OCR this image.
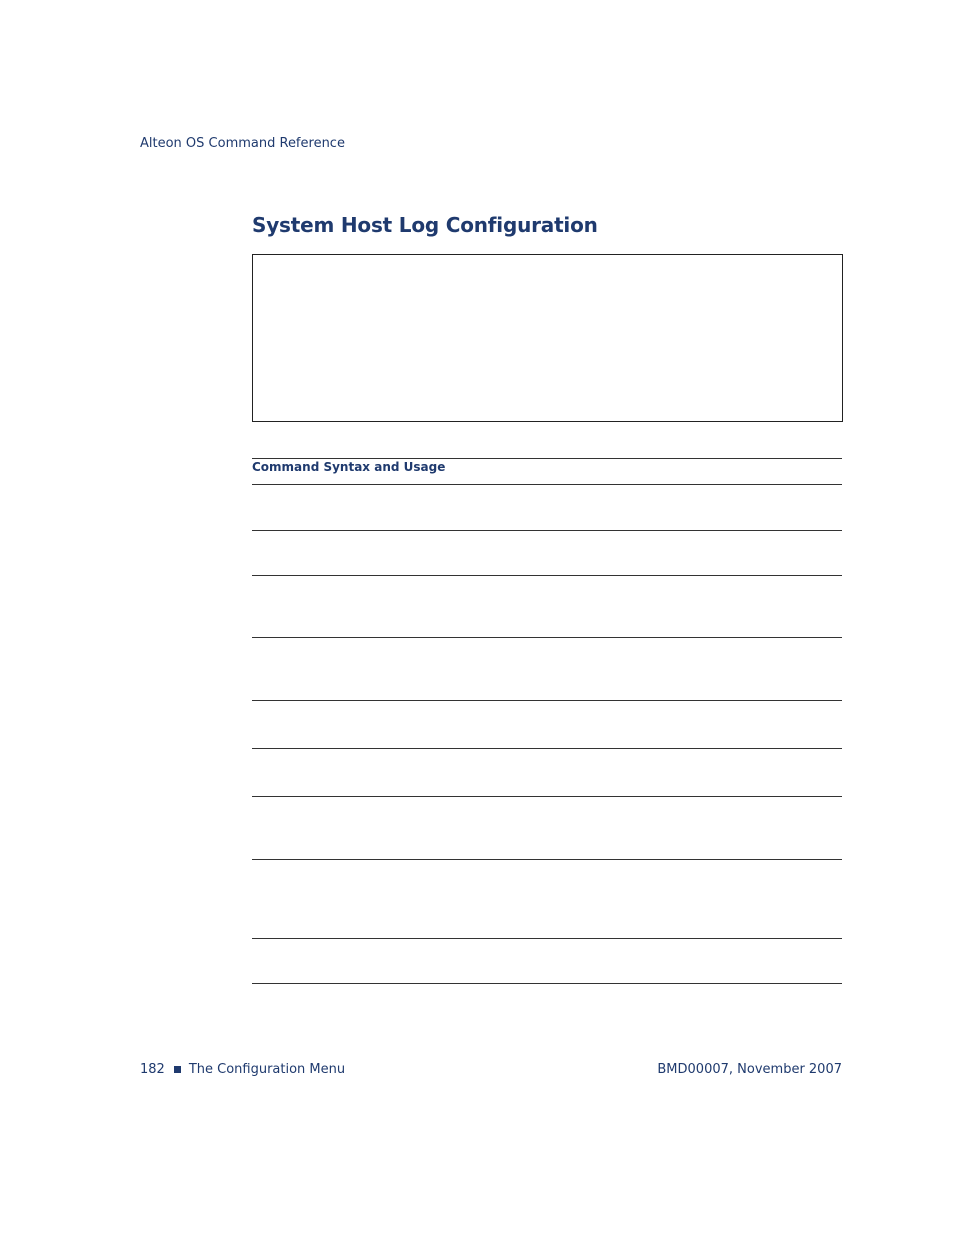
Alteon OS Command Reference
System Host Log Configuration
Command Syntax and Usage
182 The Configuration Menu	BMD00007, November 2007
